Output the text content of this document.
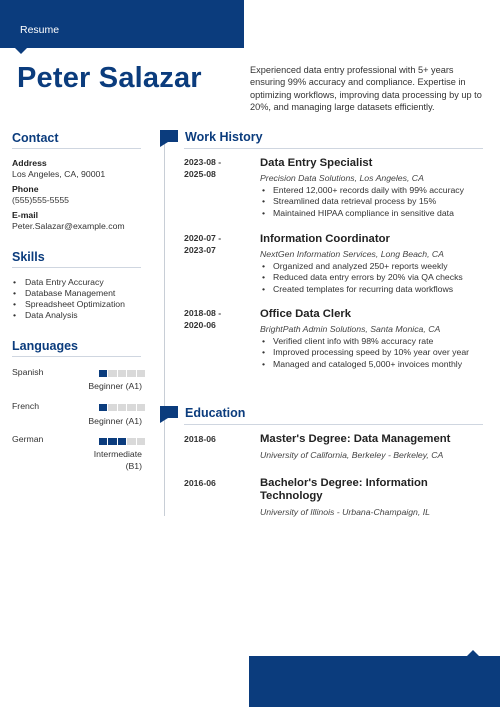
Resume
Peter Salazar	Experienced data entry professional with 5+ years ensuring 99% accuracy and compliance. Expertise in optimizing workflows, improving data processing by up to 20%, and managing large datasets efficiently.
Contact
Address
Los Angeles, CA, 90001
Phone
(555)555-5555
E-mail
Peter.Salazar@example.com
Skills
• Data Entry Accuracy
• Database Management
• Spreadsheet Optimization
• Data Analysis
Languages
Spanish
Beginner (A1)
French
Beginner (A1)
German
Intermediate (B1)
Work History
2023-08 -
2025-08
Data Entry Specialist
Precision Data Solutions, Los Angeles, CA
• Entered 12,000+ records daily with 99% accuracy
• Streamlined data retrieval process by 15%
• Maintained HIPAA compliance in sensitive data
2020-07 -
2023-07
Information Coordinator
NextGen Information Services, Long Beach, CA
• Organized and analyzed 250+ reports weekly
• Reduced data entry errors by 20% via QA checks
• Created templates for recurring data workflows
2018-08 -
2020-06
Office Data Clerk
BrightPath Admin Solutions, Santa Monica, CA
• Verified client info with 98% accuracy rate
• Improved processing speed by 10% year over year
• Managed and cataloged 5,000+ invoices monthly
Education
2018-06	Master's Degree: Data Management
University of California, Berkeley - Berkeley, CA
2016-06	Bachelor's Degree: Information Technology
University of Illinois - Urbana-Champaign, IL
